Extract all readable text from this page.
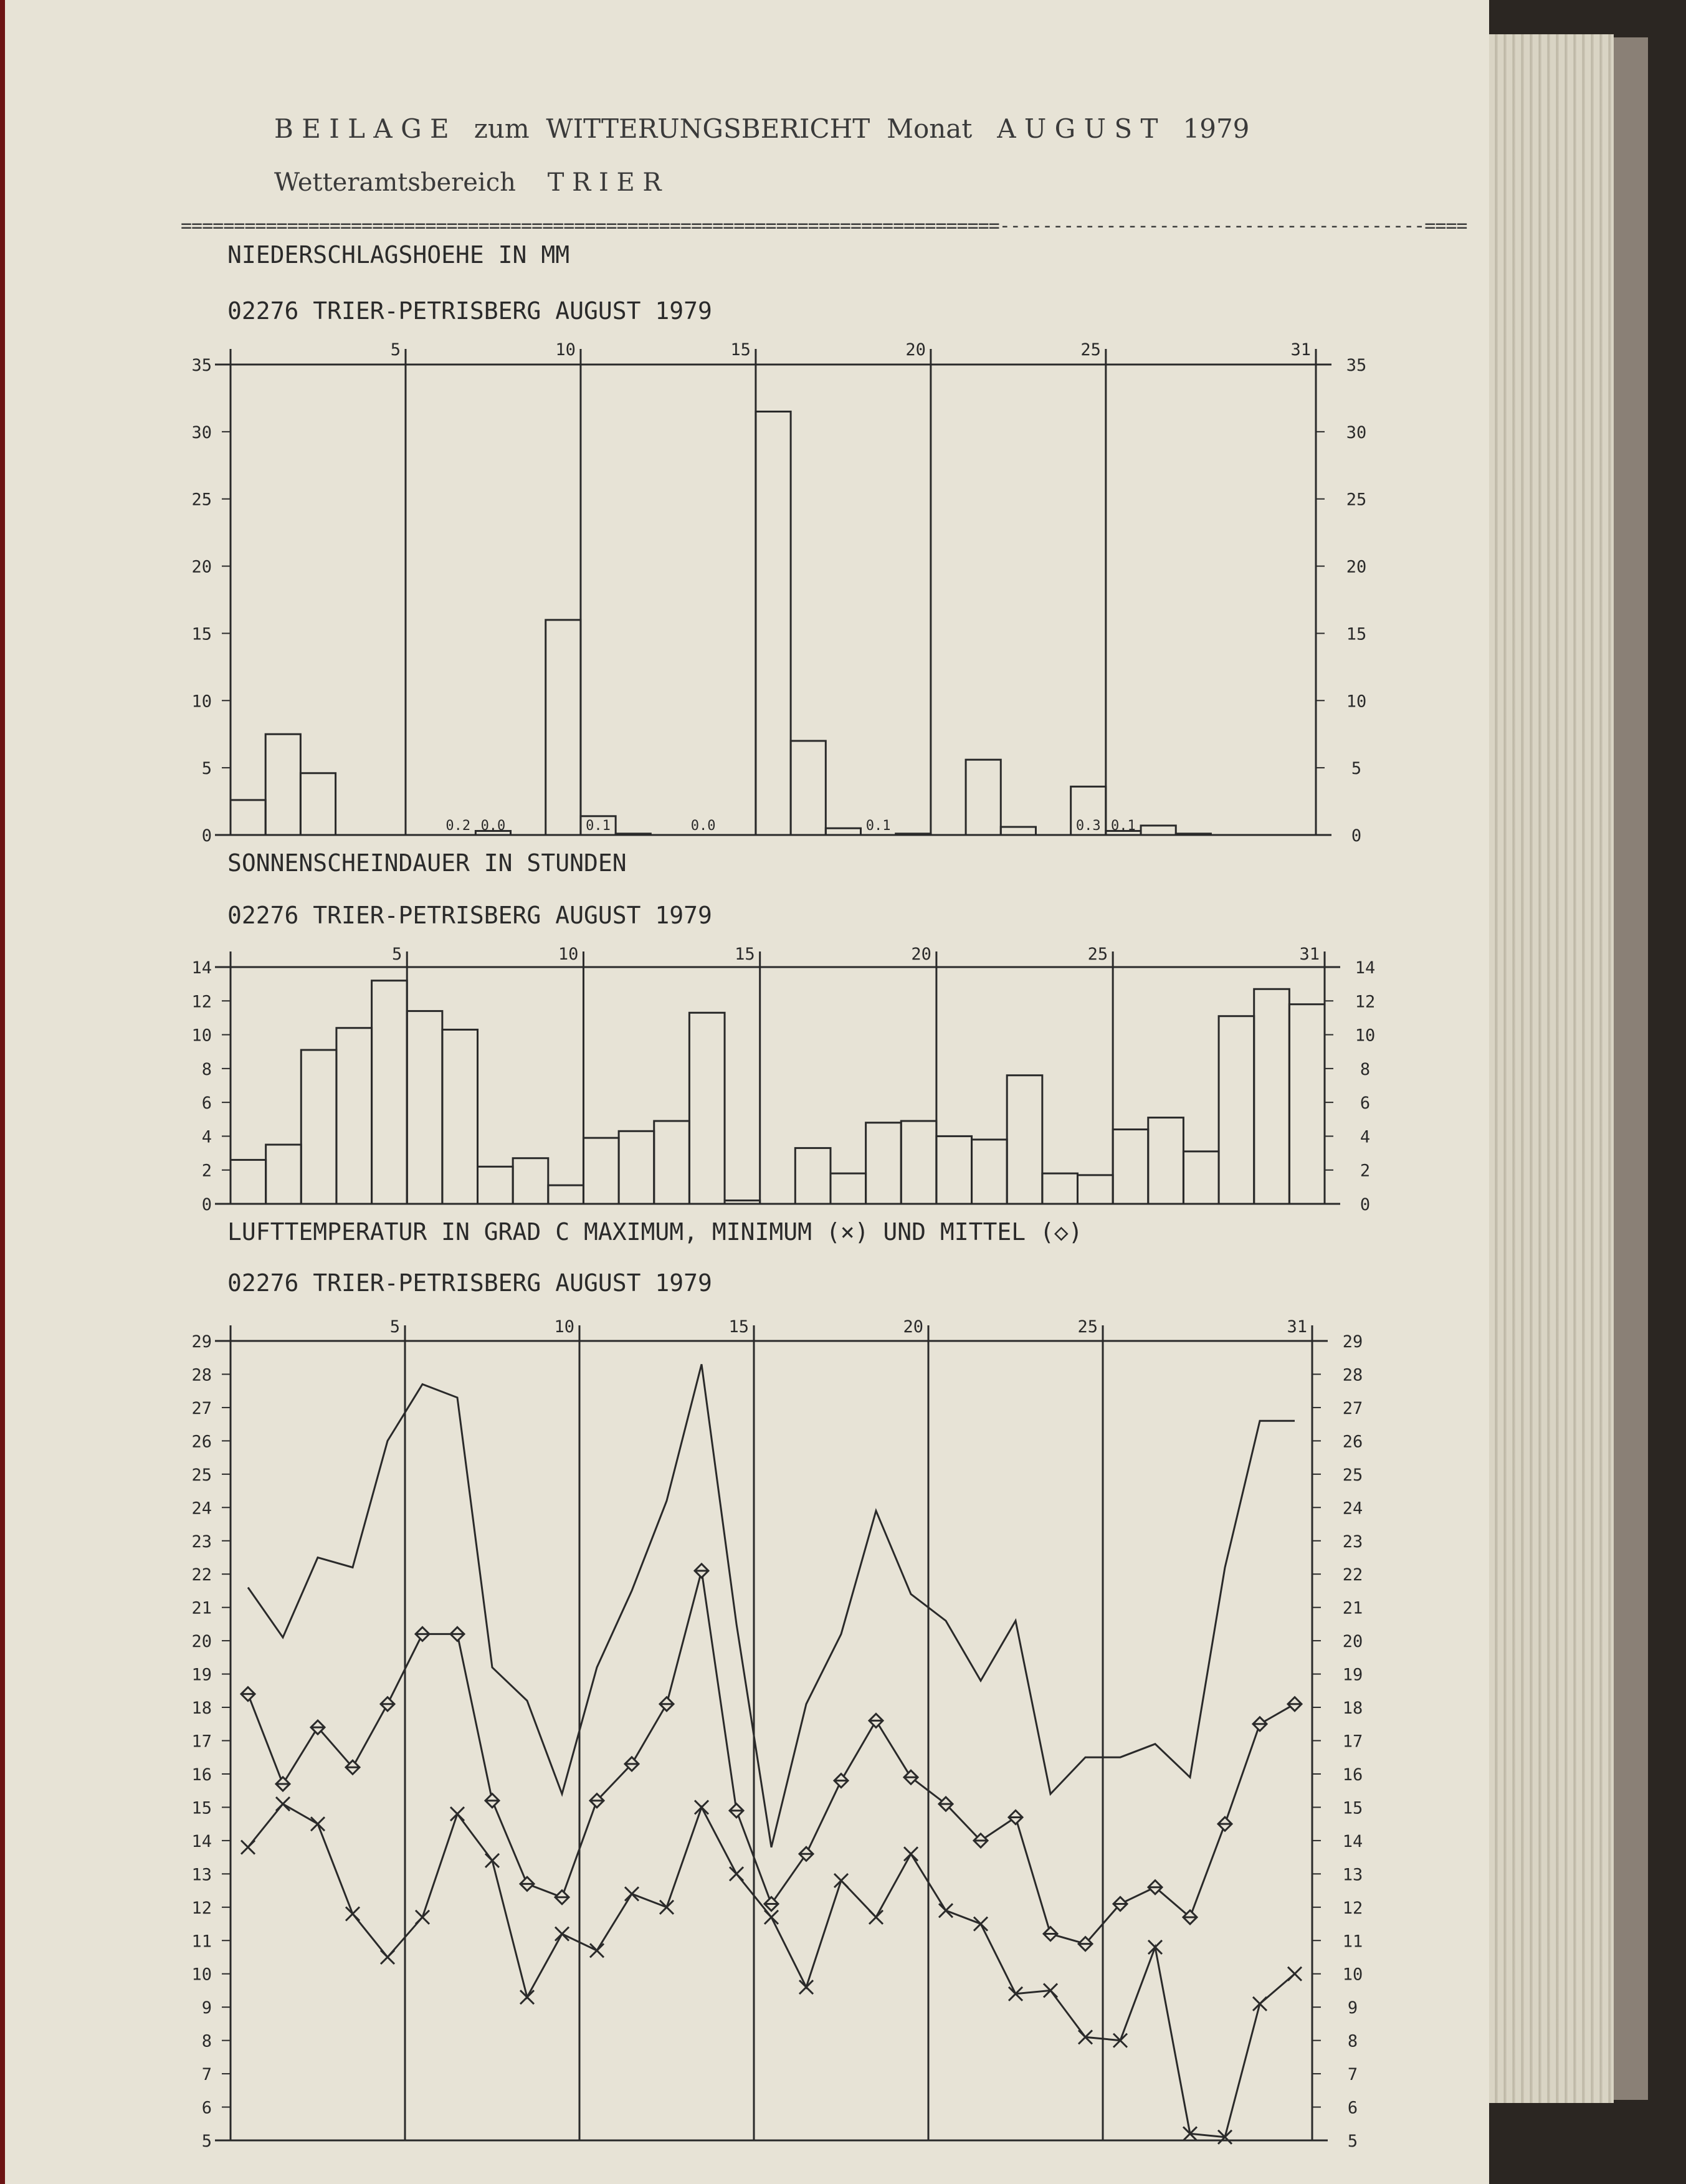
B E I L A G E   zum  WITTERUNGSBERICHT  Monat   A U G U S T   1979
Wetteramtsbereich    T R I E R
=============================================================================----------------------------------------====
NIEDERSCHLAGSHOEHE IN MM
02276 TRIER-PETRISBERG AUGUST 1979
5	10	15	20	25	31
0	0
5	5
10	10
15	15
20	20
25	25
30	30
35	35
0.2 0.0	0.1	0.0	0.1	0.3 0.1
SONNENSCHEINDAUER IN STUNDEN
02276 TRIER-PETRISBERG AUGUST 1979
5	10	15	20	25	31
0	0
2	2
4	4
6	6
8	8
10	10
12	12
14	14
LUFTTEMPERATUR IN GRAD C MAXIMUM, MINIMUM (×) UND MITTEL (◇)
02276 TRIER-PETRISBERG AUGUST 1979
5	10	15	20	25	31
5	5
6	6
7	7
8	8
9	9
10	10
11	11
12	12
13	13
14	14
15	15
16	16
17	17
18	18
19	19
20	20
21	21
22	22
23	23
24	24
25	25
26	26
27	27
28	28
29	29
